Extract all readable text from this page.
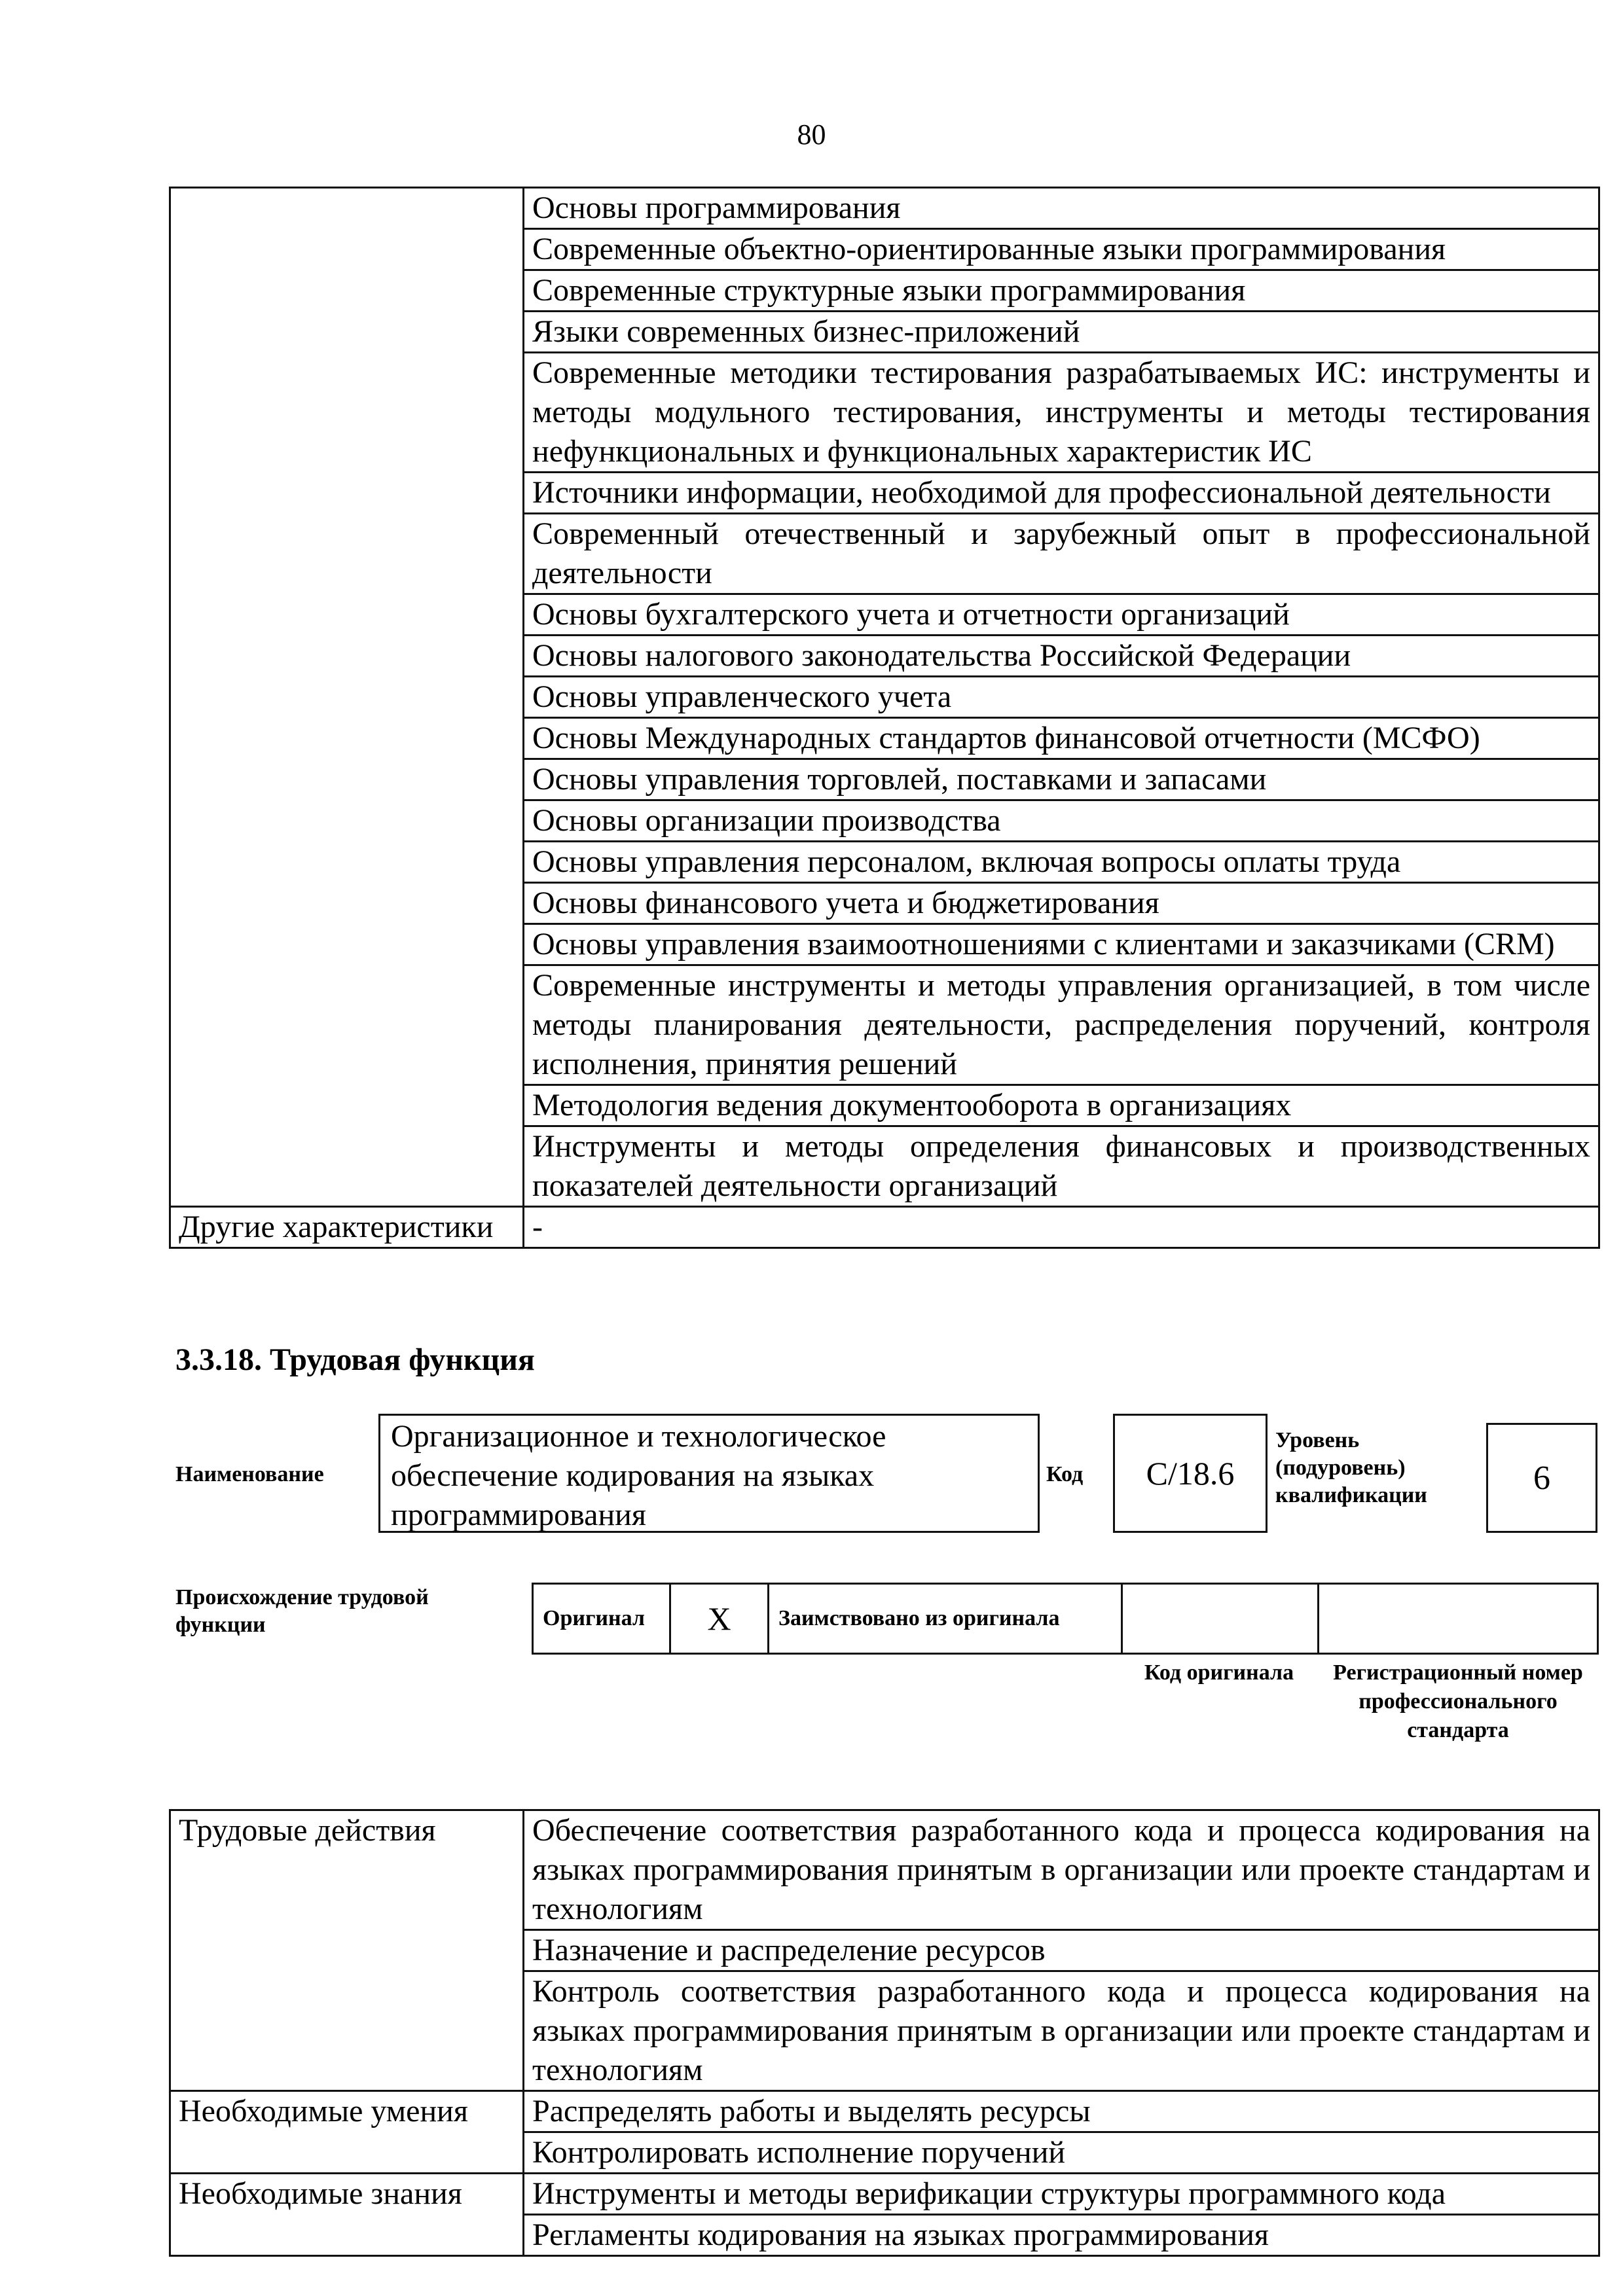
80
	Основы программирования
	Современные объектно-ориентированные языки программирования
	Современные структурные языки программирования
	Языки современных бизнес-приложений
	Современные методики тестирования разрабатываемых ИС: инструменты и методы модульного тестирования, инструменты и методы тестирования нефункциональных и функциональных характеристик ИС
	Источники информации, необходимой для профессиональной деятельности
	Современный отечественный и зарубежный опыт в профессиональной деятельности
	Основы бухгалтерского учета и отчетности организаций
	Основы налогового законодательства Российской Федерации
	Основы управленческого учета
	Основы Международных стандартов финансовой отчетности (МСФО)
	Основы управления торговлей, поставками и запасами
	Основы организации производства
	Основы управления персоналом, включая вопросы оплаты труда
	Основы финансового учета и бюджетирования
	Основы управления взаимоотношениями с клиентами и заказчиками (CRM)
	Современные инструменты и методы управления организацией, в том числе методы планирования деятельности, распределения поручений, контроля исполнения, принятия решений
	Методология ведения документооборота в организациях
	Инструменты и методы определения финансовых и производственных показателей деятельности организаций
Другие характеристики	-
3.3.18. Трудовая функция
Наименование
Организационное и технологическое обеспечение кодирования на языках программирования
Код	С/18.6
Уровень (подуровень) квалификации	6
Происхождение трудовой функции	Оригинал	X	Заимствовано из оригинала		
Код оригинала	Регистрационный номер профессионального стандарта
Трудовые действия	Обеспечение соответствия разработанного кода и процесса кодирования на языках программирования принятым в организации или проекте стандартам и технологиям
	Назначение и распределение ресурсов
	Контроль соответствия разработанного кода и процесса кодирования на языках программирования принятым в организации или проекте стандартам и технологиям
Необходимые умения	Распределять работы и выделять ресурсы
	Контролировать исполнение поручений
Необходимые знания	Инструменты и методы верификации структуры программного кода
	Регламенты кодирования на языках программирования
